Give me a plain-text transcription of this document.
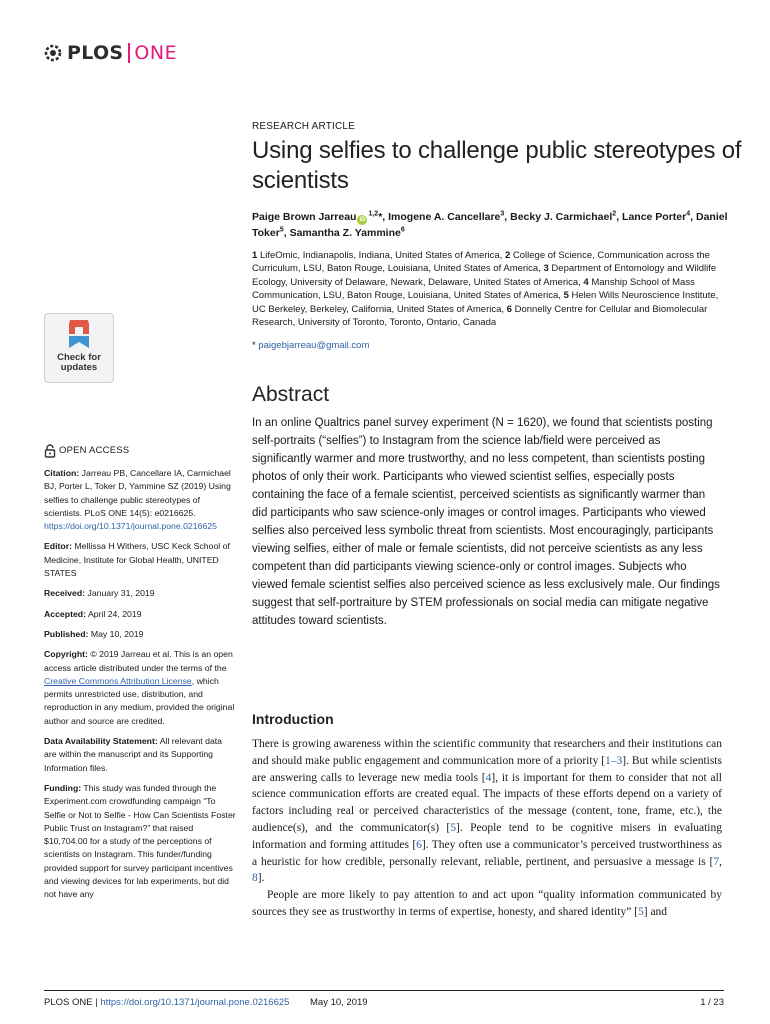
PLOS ONE
RESEARCH ARTICLE
Using selfies to challenge public stereotypes of scientists
Paige Brown Jarreau iD$^{1,2}$*, Imogene A. Cancellare$^3$, Becky J. Carmichael$^2$, Lance Porter$^4$, Daniel Toker$^5$, Samantha Z. Yammine$^6$
1 LifeOmic, Indianapolis, Indiana, United States of America, 2 College of Science, Communication across the Curriculum, LSU, Baton Rouge, Louisiana, United States of America, 3 Department of Entomology and Wildlife Ecology, University of Delaware, Newark, Delaware, United States of America, 4 Manship School of Mass Communication, LSU, Baton Rouge, Louisiana, United States of America, 5 Helen Wills Neuroscience Institute, UC Berkeley, Berkeley, California, United States of America, 6 Donnelly Centre for Cellular and Biomolecular Research, University of Toronto, Toronto, Ontario, Canada
* paigebjarreau@gmail.com
Check for
updates
Abstract

In an online Qualtrics panel survey experiment (N = 1620), we found that scientists posting self-portraits (“selfies”) to Instagram from the science lab/field were perceived as significantly warmer and more trustworthy, and no less competent, than scientists posting photos of only their work. Participants who viewed scientist selfies, especially posts containing the face of a female scientist, perceived scientists as significantly warmer than did participants who saw science-only images or control images. Participants who viewed selfies also perceived less symbolic threat from scientists. Most encouragingly, participants viewing selfies, either of male or female scientists, did not perceive scientists as any less competent than did participants viewing science-only or control images. Subjects who viewed female scientist selfies also perceived science as less exclusively male. Our findings suggest that self-portraiture by STEM professionals on social media can mitigate negative attitudes toward scientists.

Introduction

There is growing awareness within the scientific community that researchers and their institutions can and should make public engagement and communication more of a priority [1–3]. But while scientists are answering calls to leverage new media tools [4], it is important for them to consider that not all science communication efforts are created equal. The impacts of these efforts depend on a variety of factors including real or perceived characteristics of the message (content, tone, frame, etc.), the audience(s), and the communicator(s) [5]. People tend to be cognitive misers in evaluating information and forming attitudes [6]. They often use a communicator’s perceived trustworthiness as a heuristic for how credible, personally relevant, reliable, pertinent, and persuasive a message is [7, 8].

People are more likely to pay attention to and act upon “quality information communicated by sources they see as trustworthy in terms of expertise, honesty, and shared identity” [5] and

OPEN ACCESS
Citation: Jarreau PB, Cancellare IA, Carmichael BJ, Porter L, Toker D, Yammine SZ (2019) Using selfies to challenge public stereotypes of scientists. PLoS ONE 14(5): e0216625. https://doi.org/10.1371/journal.pone.0216625
Editor: Mellissa H Withers, USC Keck School of Medicine, Institute for Global Health, UNITED STATES
Received: January 31, 2019
Accepted: April 24, 2019
Published: May 10, 2019
Copyright: © 2019 Jarreau et al. This is an open access article distributed under the terms of the Creative Commons Attribution License, which permits unrestricted use, distribution, and reproduction in any medium, provided the original author and source are credited.
Data Availability Statement: All relevant data are within the manuscript and its Supporting Information files.
Funding: This study was funded through the Experiment.com crowdfunding campaign “To Selfie or Not to Selfie - How Can Scientists Foster Public Trust on Instagram?” that raised $10,704.00 for a study of the perceptions of scientists on Instagram. This funder/funding provided support for survey participant incentives and viewing devices for lab experiments, but did not have any
PLOS ONE | https://doi.org/10.1371/journal.pone.0216625 May 10, 2019	1 / 23
